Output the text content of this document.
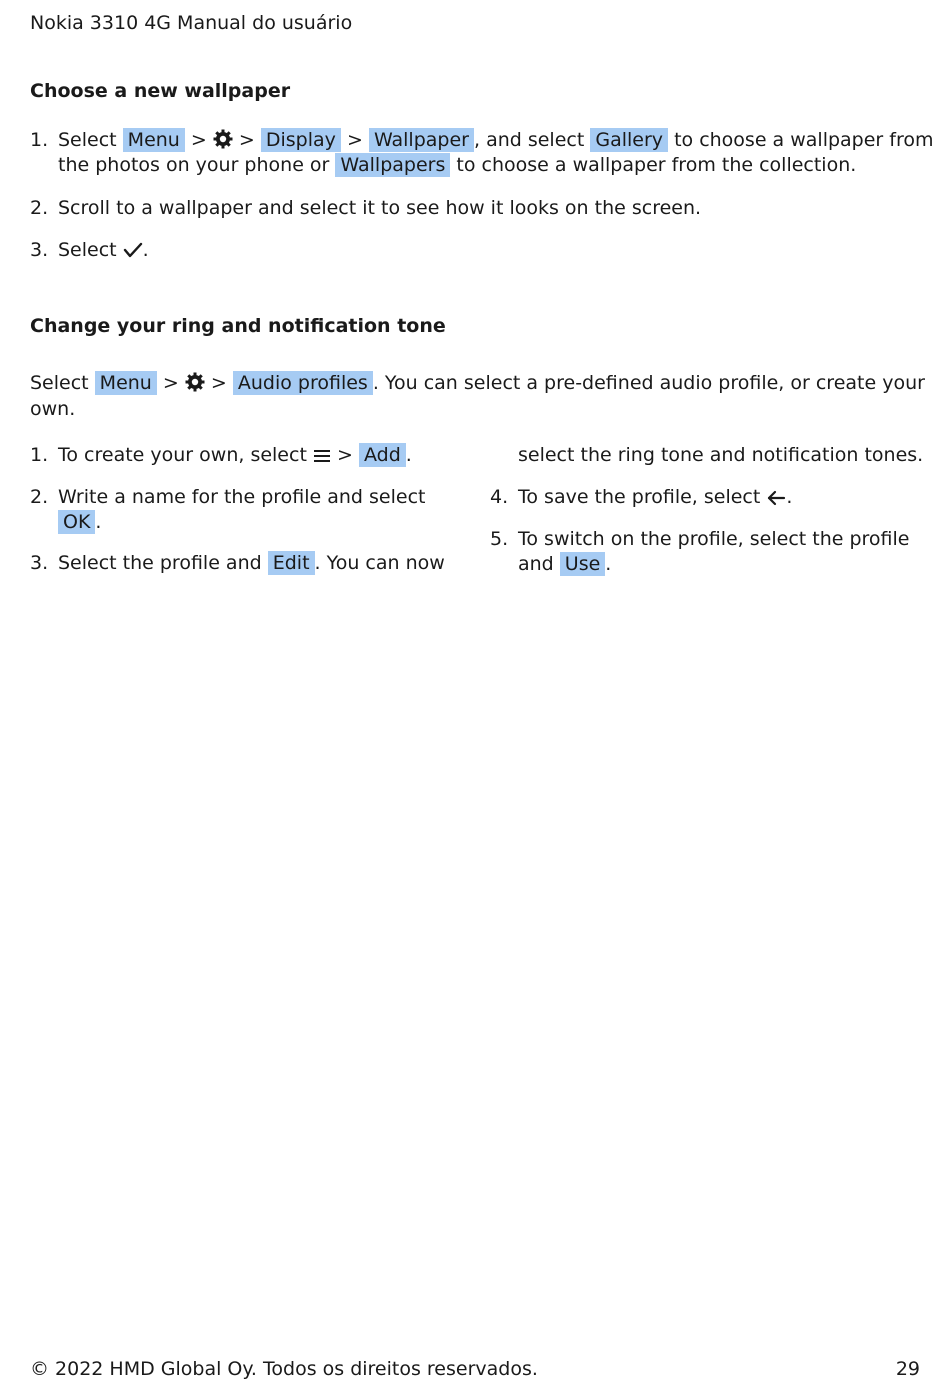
Nokia 3310 4G Manual do usuário
Choose a new wallpaper
1. Select Menu > > Display > Wallpaper , and select Gallery to choose a wallpaper from
the photos on your phone or Wallpapers to choose a wallpaper from the collection.
2. Scroll to a wallpaper and select it to see how it looks on the screen.
3. Select .
Change your ring and notification tone
Select Menu > > Audio profiles . You can select a pre-defined audio profile, or create your
own.
1. To create your own, select > Add .
2. Write a name for the profile and select
OK .
3. Select the profile and Edit . You can now
select the ring tone and notification tones.
4. To save the profile, select .
5. To switch on the profile, select the profile
and Use .
© 2022 HMD Global Oy. Todos os direitos reservados.	29
